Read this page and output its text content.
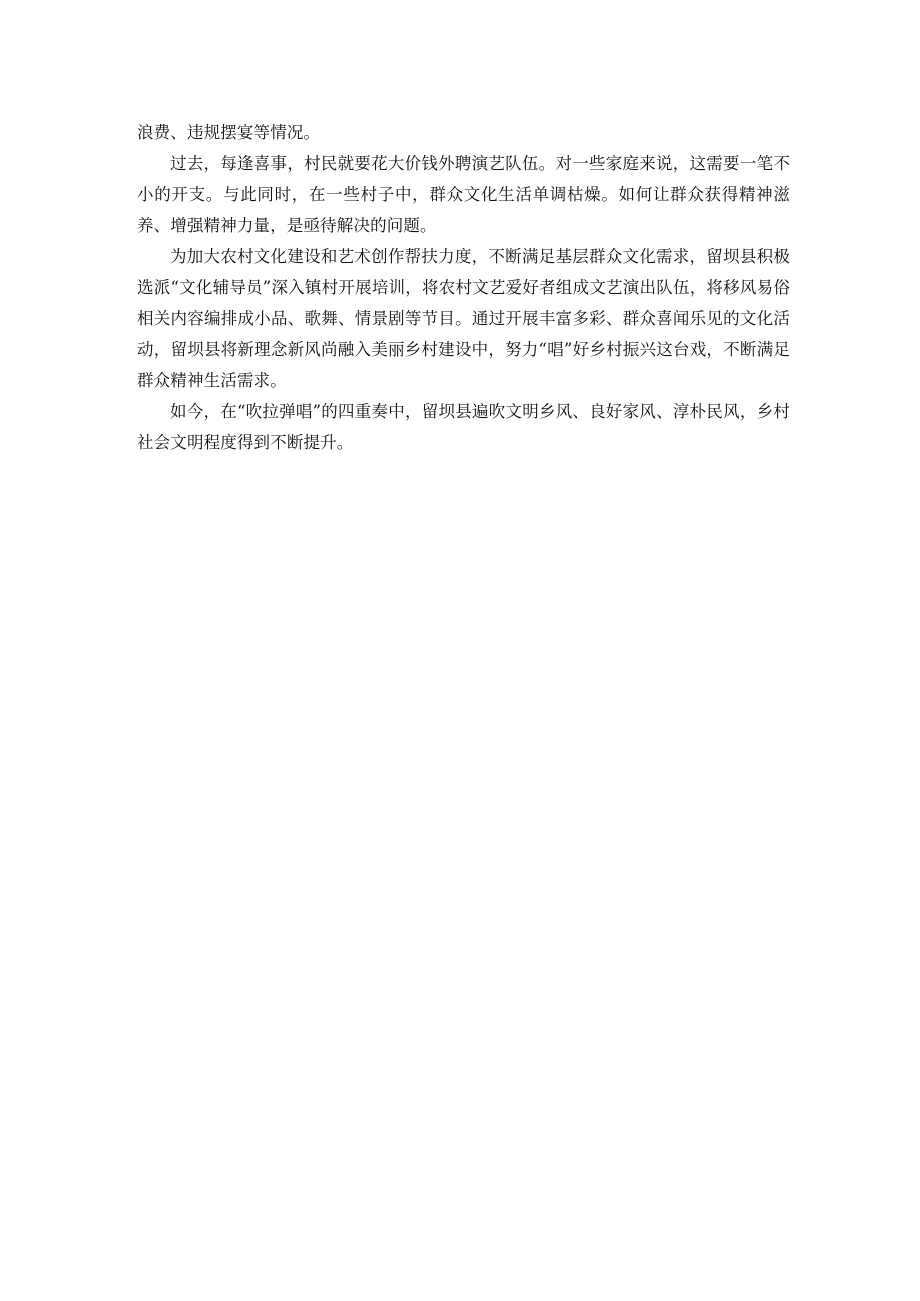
浪费、违规摆宴等情况。

过去，每逢喜事，村民就要花大价钱外聘演艺队伍。对一些家庭来说，这需要一笔不小的开支。与此同时，在一些村子中，群众文化生活单调枯燥。如何让群众获得精神滋养、增强精神力量，是亟待解决的问题。

为加大农村文化建设和艺术创作帮扶力度，不断满足基层群众文化需求，留坝县积极选派“文化辅导员”深入镇村开展培训，将农村文艺爱好者组成文艺演出队伍，将移风易俗相关内容编排成小品、歌舞、情景剧等节目。通过开展丰富多彩、群众喜闻乐见的文化活动，留坝县将新理念新风尚融入美丽乡村建设中，努力“唱”好乡村振兴这台戏，不断满足群众精神生活需求。

如今，在“吹拉弹唱”的四重奏中，留坝县遍吹文明乡风、良好家风、淳朴民风，乡村社会文明程度得到不断提升。
